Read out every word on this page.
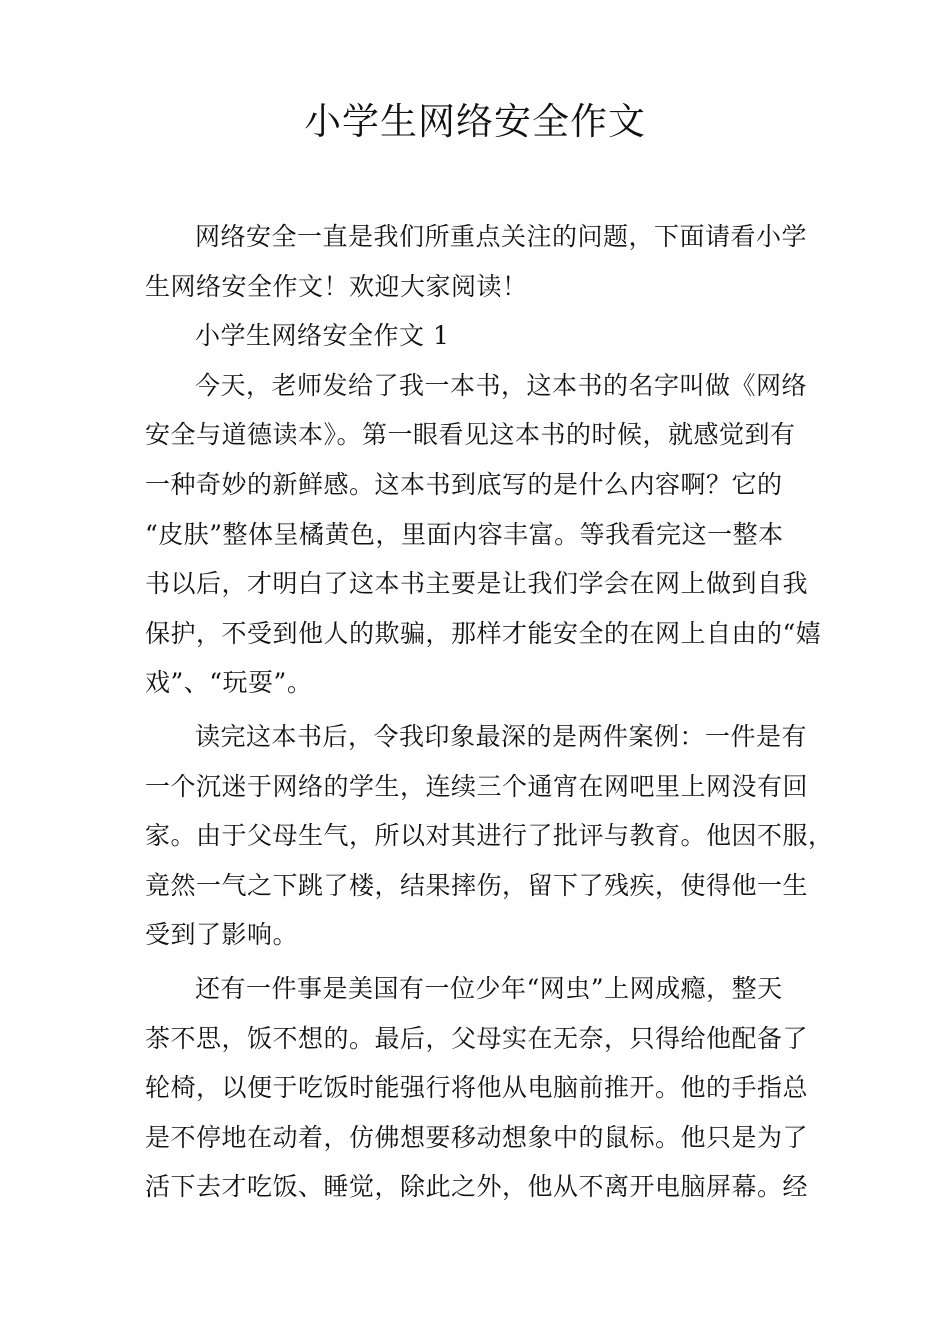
小学生网络安全作文
网络安全一直是我们所重点关注的问题，下面请看小学
生网络安全作文！欢迎大家阅读！
小学生网络安全作文 1
今天，老师发给了我一本书，这本书的名字叫做《网络
安全与道德读本》。第一眼看见这本书的时候，就感觉到有
一种奇妙的新鲜感。这本书到底写的是什么内容啊？它的
“皮肤”整体呈橘黄色，里面内容丰富。等我看完这一整本
书以后，才明白了这本书主要是让我们学会在网上做到自我
保护，不受到他人的欺骗，那样才能安全的在网上自由的“嬉
戏”、“玩耍”。
读完这本书后，令我印象最深的是两件案例：一件是有
一个沉迷于网络的学生，连续三个通宵在网吧里上网没有回
家。由于父母生气，所以对其进行了批评与教育。他因不服，
竟然一气之下跳了楼，结果摔伤，留下了残疾，使得他一生
受到了影响。
还有一件事是美国有一位少年“网虫”上网成瘾，整天
茶不思，饭不想的。最后，父母实在无奈，只得给他配备了
轮椅，以便于吃饭时能强行将他从电脑前推开。他的手指总
是不停地在动着，仿佛想要移动想象中的鼠标。他只是为了
活下去才吃饭、睡觉，除此之外，他从不离开电脑屏幕。经
